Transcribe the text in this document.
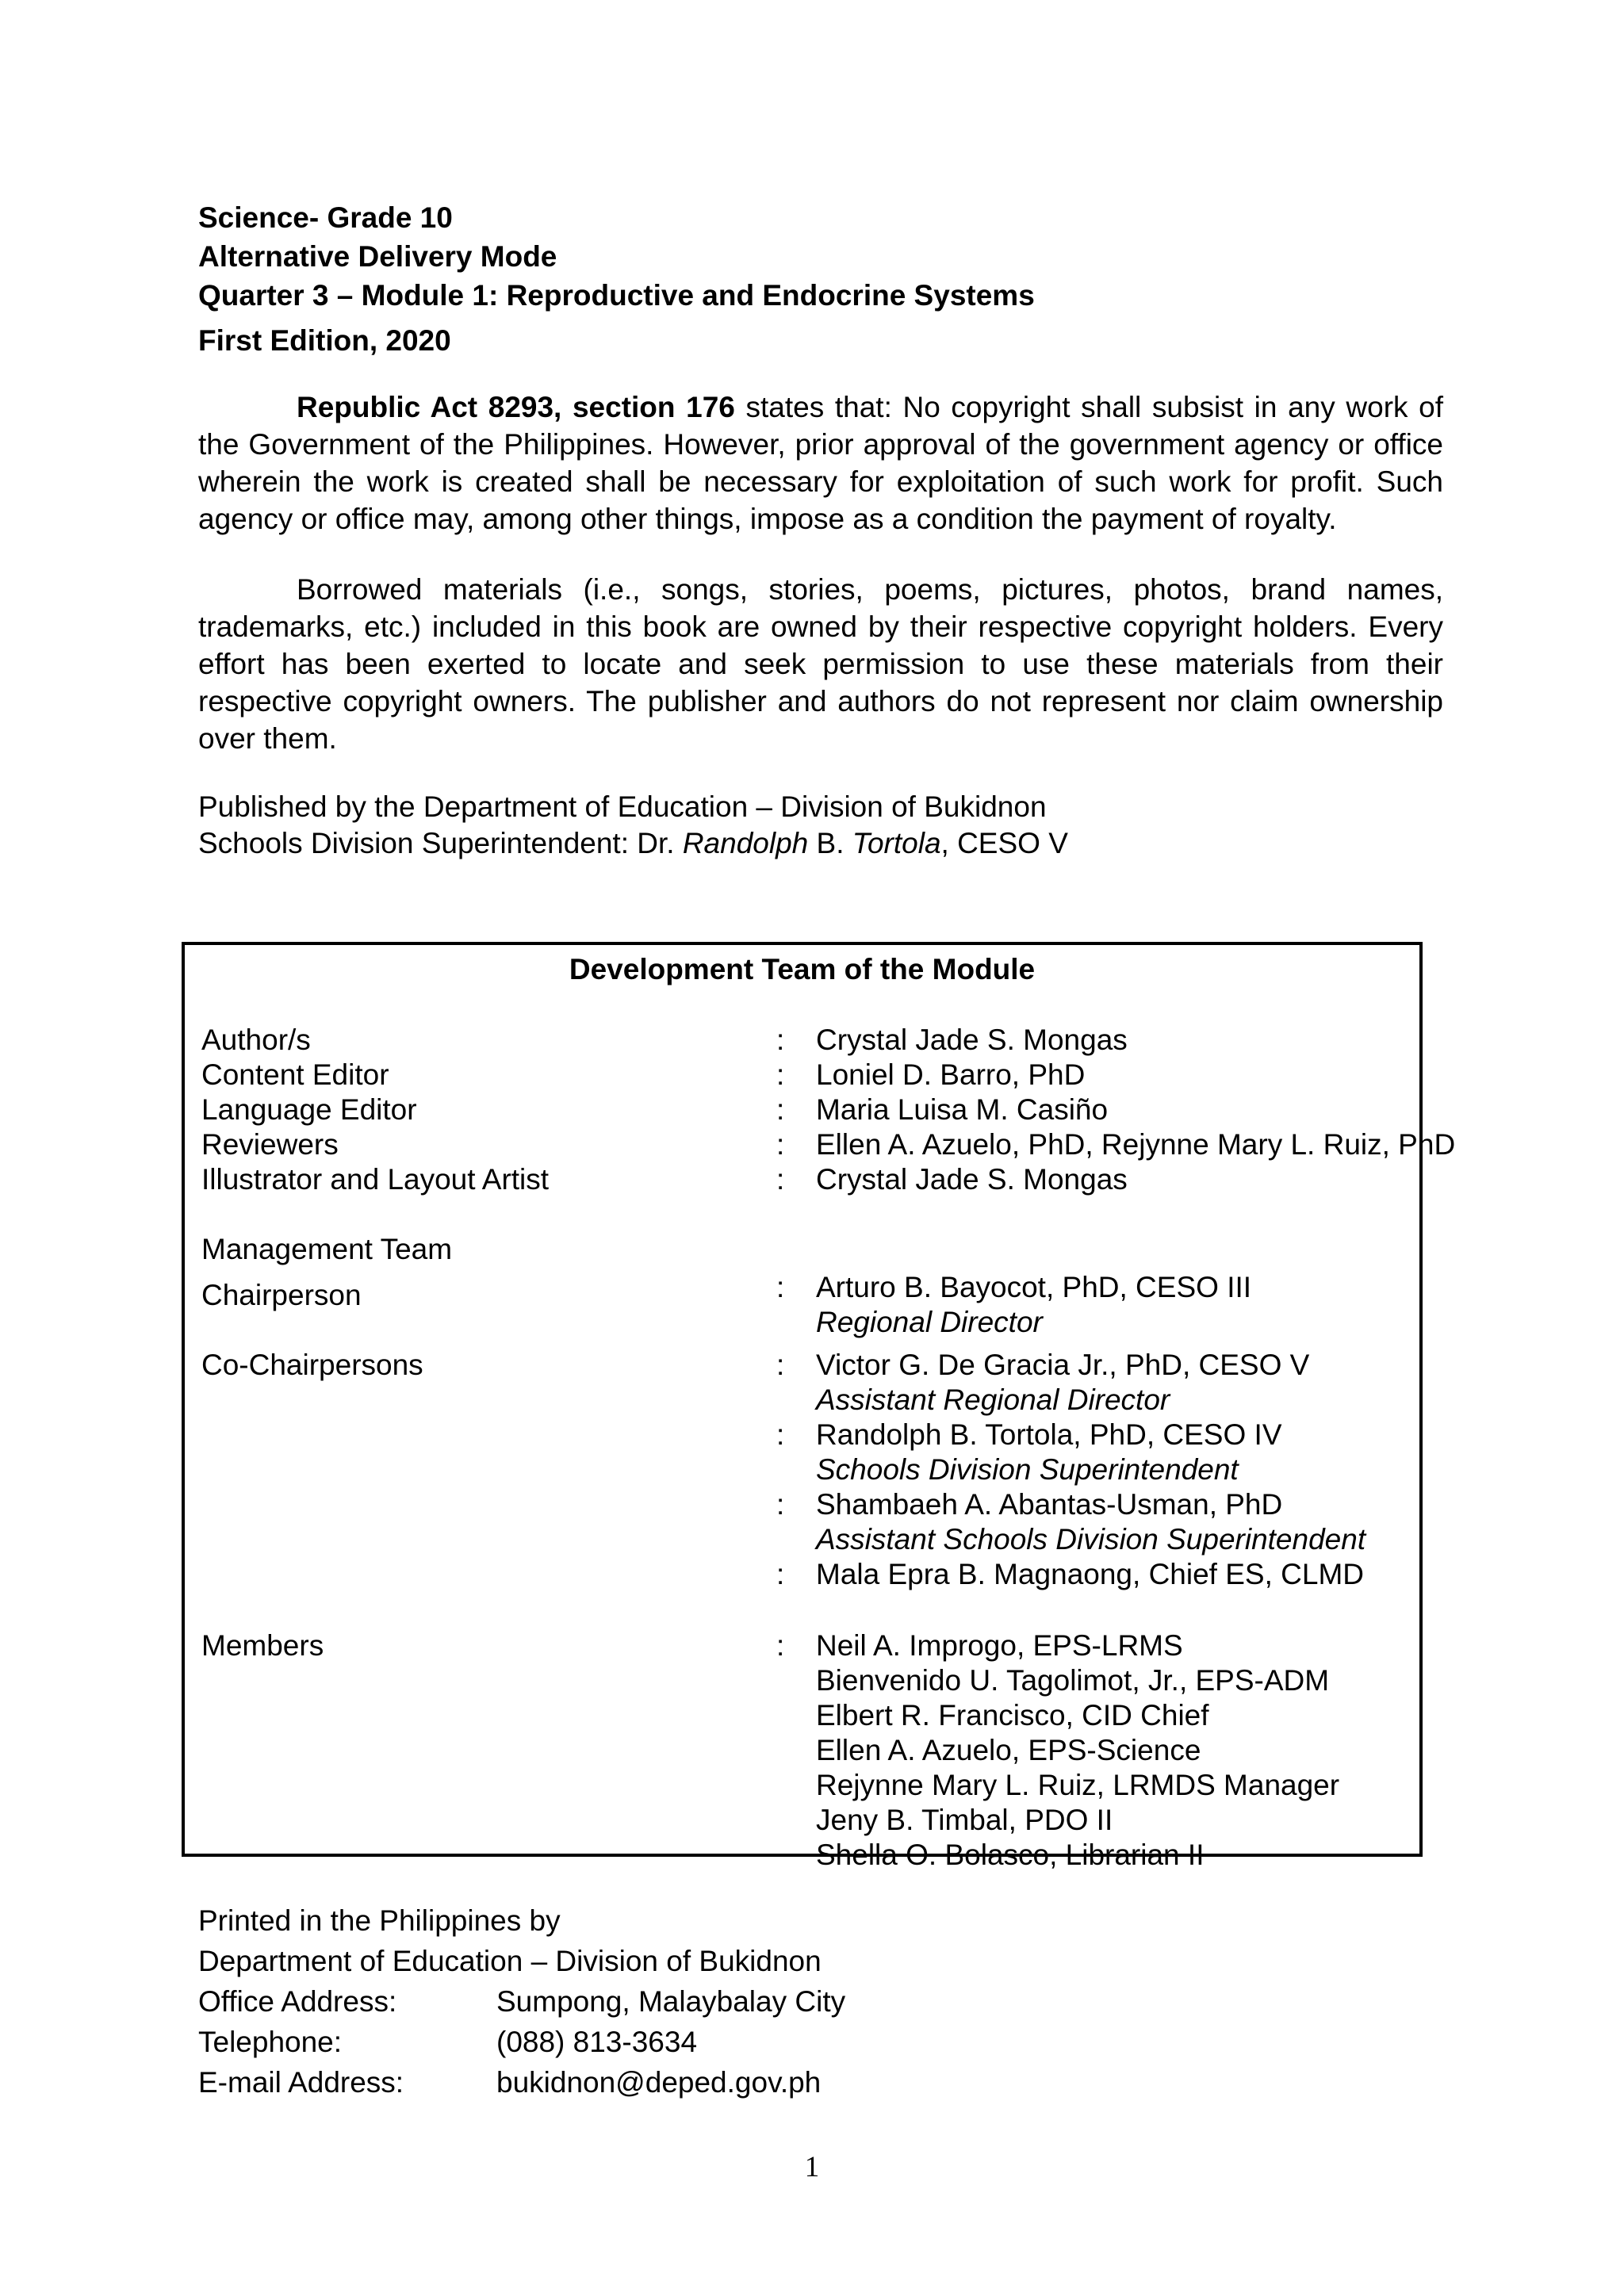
Science- Grade 10
Alternative Delivery Mode
Quarter 3 – Module 1: Reproductive and Endocrine Systems
First Edition, 2020

Republic Act 8293, section 176 states that: No copyright shall subsist in any work of the Government of the Philippines. However, prior approval of the government agency or office wherein the work is created shall be necessary for exploitation of such work for profit. Such agency or office may, among other things, impose as a condition the payment of royalty.

Borrowed materials (i.e., songs, stories, poems, pictures, photos, brand names, trademarks, etc.) included in this book are owned by their respective copyright holders. Every effort has been exerted to locate and seek permission to use these materials from their respective copyright owners. The publisher and authors do not represent nor claim ownership over them.

Published by the Department of Education – Division of Bukidnon
Schools Division Superintendent: Dr. Randolph B. Tortola, CESO V
Development Team of the Module
Author/s	: Crystal Jade S. Mongas
Content Editor	: Loniel D. Barro, PhD
Language Editor	: Maria Luisa M. Casiño
Reviewers	: Ellen A. Azuelo, PhD, Rejynne Mary L. Ruiz, PhD
Illustrator and Layout Artist	: Crystal Jade S. Mongas
Management Team
Chairperson	: Arturo B. Bayocot, PhD, CESO III
Regional Director
Co-Chairpersons	: Victor G. De Gracia Jr., PhD, CESO V
Assistant Regional Director
: Randolph B. Tortola, PhD, CESO IV
Schools Division Superintendent
: Shambaeh A. Abantas-Usman, PhD
Assistant Schools Division Superintendent
: Mala Epra B. Magnaong, Chief ES, CLMD
Members	: Neil A. Improgo, EPS-LRMS
Bienvenido U. Tagolimot, Jr., EPS-ADM
Elbert R. Francisco, CID Chief
Ellen A. Azuelo, EPS-Science
Rejynne Mary L. Ruiz, LRMDS Manager
Jeny B. Timbal, PDO II
Shella O. Bolasco, Librarian II
Printed in the Philippines by
Department of Education – Division of Bukidnon
Office Address:	Sumpong, Malaybalay City
Telephone:	(088) 813-3634
E-mail Address:	bukidnon@deped.gov.ph
1
